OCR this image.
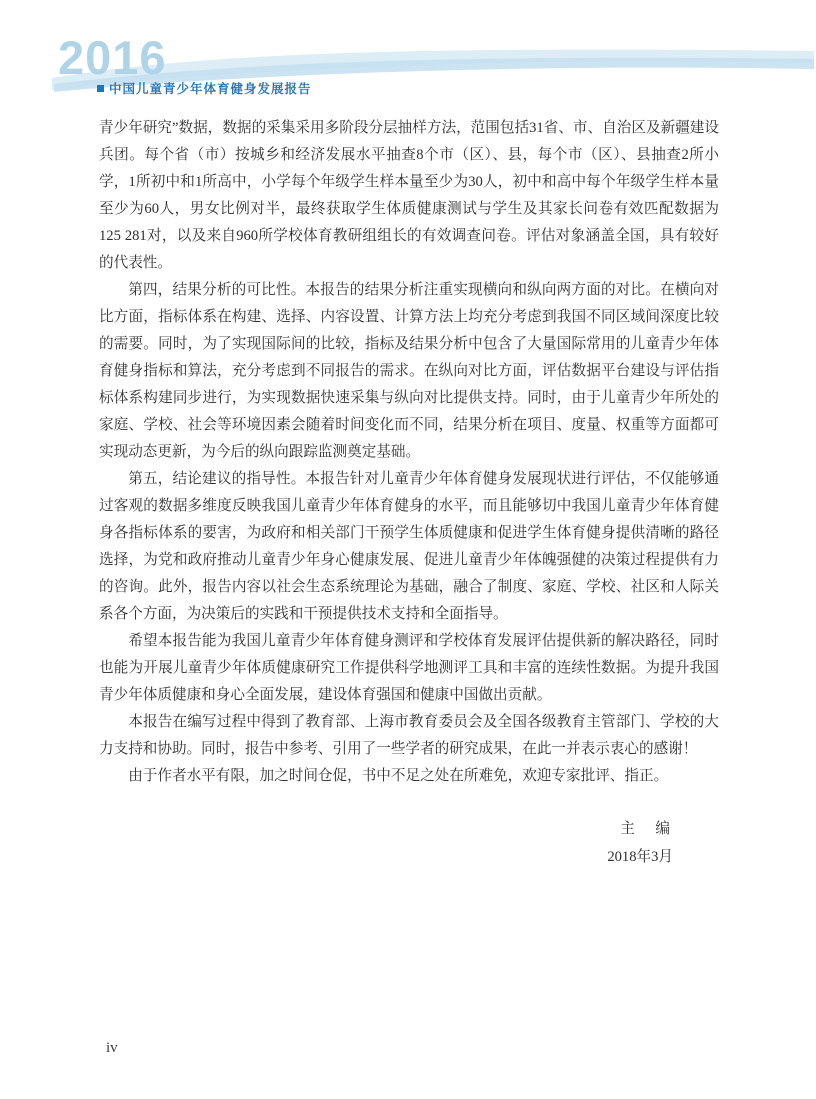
2016
中国儿童青少年体育健身发展报告

青少年研究”数据，数据的采集采用多阶段分层抽样方法，范围包括31省、市、自治区及新疆建设兵团。每个省（市）按城乡和经济发展水平抽查8个市（区）、县，每个市（区）、县抽查2所小学，1所初中和1所高中，小学每个年级学生样本量至少为30人，初中和高中每个年级学生样本量至少为60人，男女比例对半，最终获取学生体质健康测试与学生及其家长问卷有效匹配数据为125 281对，以及来自960所学校体育教研组组长的有效调查问卷。评估对象涵盖全国，具有较好的代表性。

第四，结果分析的可比性。本报告的结果分析注重实现横向和纵向两方面的对比。在横向对比方面，指标体系在构建、选择、内容设置、计算方法上均充分考虑到我国不同区域间深度比较的需要。同时，为了实现国际间的比较，指标及结果分析中包含了大量国际常用的儿童青少年体育健身指标和算法，充分考虑到不同报告的需求。在纵向对比方面，评估数据平台建设与评估指标体系构建同步进行，为实现数据快速采集与纵向对比提供支持。同时，由于儿童青少年所处的家庭、学校、社会等环境因素会随着时间变化而不同，结果分析在项目、度量、权重等方面都可实现动态更新，为今后的纵向跟踪监测奠定基础。

第五，结论建议的指导性。本报告针对儿童青少年体育健身发展现状进行评估，不仅能够通过客观的数据多维度反映我国儿童青少年体育健身的水平，而且能够切中我国儿童青少年体育健身各指标体系的要害，为政府和相关部门干预学生体质健康和促进学生体育健身提供清晰的路径选择，为党和政府推动儿童青少年身心健康发展、促进儿童青少年体魄强健的决策过程提供有力的咨询。此外，报告内容以社会生态系统理论为基础，融合了制度、家庭、学校、社区和人际关系各个方面，为决策后的实践和干预提供技术支持和全面指导。

希望本报告能为我国儿童青少年体育健身测评和学校体育发展评估提供新的解决路径，同时也能为开展儿童青少年体质健康研究工作提供科学地测评工具和丰富的连续性数据。为提升我国青少年体质健康和身心全面发展，建设体育强国和健康中国做出贡献。

本报告在编写过程中得到了教育部、上海市教育委员会及全国各级教育主管部门、学校的大力支持和协助。同时，报告中参考、引用了一些学者的研究成果，在此一并表示衷心的感谢！

由于作者水平有限，加之时间仓促，书中不足之处在所难免，欢迎专家批评、指正。

主　编
2018年3月
iv
